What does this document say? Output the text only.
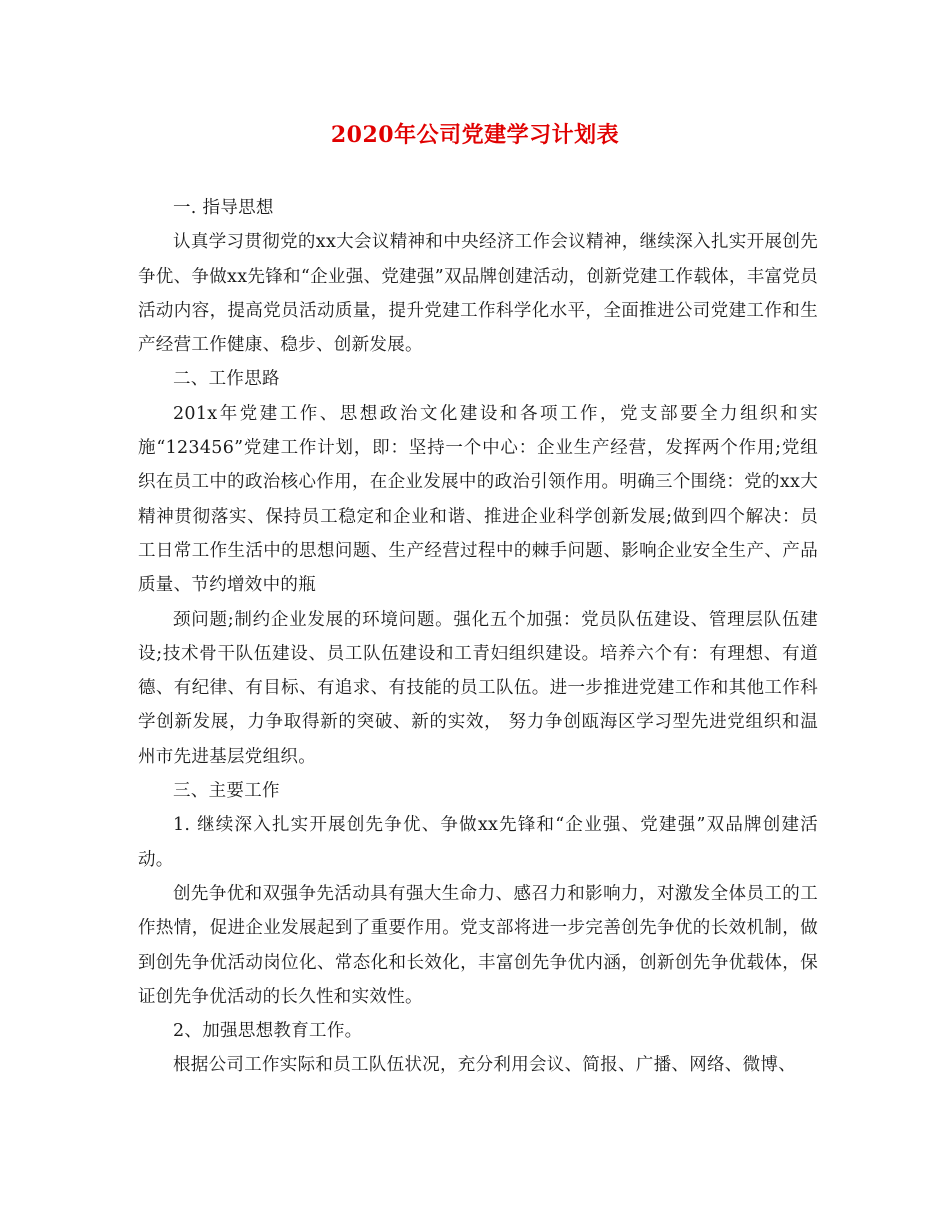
2020年公司党建学习计划表

一. 指导思想

认真学习贯彻党的xx大会议精神和中央经济工作会议精神，继续深入扎实开展创先争优、争做xx先锋和“企业强、党建强”双品牌创建活动，创新党建工作载体，丰富党员活动内容，提高党员活动质量，提升党建工作科学化水平，全面推进公司党建工作和生产经营工作健康、稳步、创新发展。

二、工作思路

201x年党建工作、思想政治文化建设和各项工作，党支部要全力组织和实施“123456”党建工作计划，即：坚持一个中心：企业生产经营，发挥两个作用;党组织在员工中的政治核心作用，在企业发展中的政治引领作用。明确三个围绕：党的xx大精神贯彻落实、保持员工稳定和企业和谐、推进企业科学创新发展;做到四个解决：员工日常工作生活中的思想问题、生产经营过程中的棘手问题、影响企业安全生产、产品质量、节约增效中的瓶

颈问题;制约企业发展的环境问题。强化五个加强：党员队伍建设、管理层队伍建设;技术骨干队伍建设、员工队伍建设和工青妇组织建设。培养六个有：有理想、有道德、有纪律、有目标、有追求、有技能的员工队伍。进一步推进党建工作和其他工作科学创新发展，力争取得新的突破、新的实效， 努力争创瓯海区学习型先进党组织和温州市先进基层党组织。

三、主要工作

1. 继续深入扎实开展创先争优、争做xx先锋和“企业强、党建强”双品牌创建活动。

创先争优和双强争先活动具有强大生命力、感召力和影响力，对激发全体员工的工作热情，促进企业发展起到了重要作用。党支部将进一步完善创先争优的长效机制，做到创先争优活动岗位化、常态化和长效化，丰富创先争优内涵，创新创先争优载体，保证创先争优活动的长久性和实效性。

2、加强思想教育工作。

根据公司工作实际和员工队伍状况，充分利用会议、简报、广播、网络、微博、
